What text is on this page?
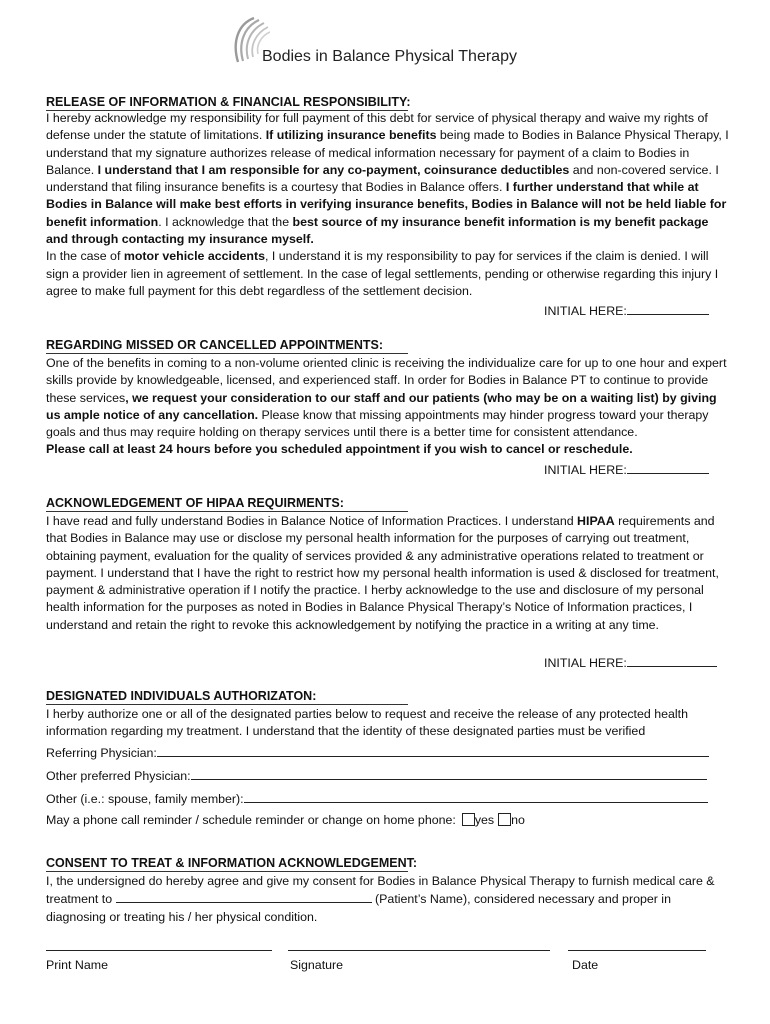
Bodies in Balance Physical Therapy
RELEASE OF INFORMATION & FINANCIAL RESPONSIBILITY:

I hereby acknowledge my responsibility for full payment of this debt for service of physical therapy and waive my rights of defense under the statute of limitations. If utilizing insurance benefits being made to Bodies in Balance Physical Therapy, I understand that my signature authorizes release of medical information necessary for payment of a claim to Bodies in Balance. I understand that I am responsible for any co-payment, coinsurance deductibles and non-covered service. I understand that filing insurance benefits is a courtesy that Bodies in Balance offers. I further understand that while at Bodies in Balance will make best efforts in verifying insurance benefits, Bodies in Balance will not be held liable for benefit information. I acknowledge that the best source of my insurance benefit information is my benefit package and through contacting my insurance myself.
In the case of motor vehicle accidents, I understand it is my responsibility to pay for services if the claim is denied. I will sign a provider lien in agreement of settlement. In the case of legal settlements, pending or otherwise regarding this injury I agree to make full payment for this debt regardless of the settlement decision.

INITIAL HERE:
REGARDING MISSED OR CANCELLED APPOINTMENTS:

One of the benefits in coming to a non-volume oriented clinic is receiving the individualize care for up to one hour and expert skills provide by knowledgeable, licensed, and experienced staff. In order for Bodies in Balance PT to continue to provide these services, we request your consideration to our staff and our patients (who may be on a waiting list) by giving us ample notice of any cancellation. Please know that missing appointments may hinder progress toward your therapy goals and thus may require holding on therapy services until there is a better time for consistent attendance.
Please call at least 24 hours before you scheduled appointment if you wish to cancel or reschedule.

INITIAL HERE:
ACKNOWLEDGEMENT OF HIPAA REQUIRMENTS:

I have read and fully understand Bodies in Balance Notice of Information Practices. I understand HIPAA requirements and that Bodies in Balance may use or disclose my personal health information for the purposes of carrying out treatment, obtaining payment, evaluation for the quality of services provided & any administrative operations related to treatment or payment. I understand that I have the right to restrict how my personal health information is used & disclosed for treatment, payment & administrative operation if I notify the practice. I herby acknowledge to the use and disclosure of my personal health information for the purposes as noted in Bodies in Balance Physical Therapy’s Notice of Information practices, I understand and retain the right to revoke this acknowledgement by notifying the practice in a writing at any time.

INITIAL HERE:
DESIGNATED INDIVIDUALS AUTHORIZATON:

I herby authorize one or all of the designated parties below to request and receive the release of any protected health information regarding my treatment. I understand that the identity of these designated parties must be verified

Referring Physician:
Other preferred Physician:
Other (i.e.: spouse, family member):
May a phone call reminder / schedule reminder or change on home phone: yes no
CONSENT TO TREAT & INFORMATION ACKNOWLEDGEMENT:

I, the undersigned do hereby agree and give my consent for Bodies in Balance Physical Therapy to furnish medical care & treatment to	(Patient’s Name), considered necessary and proper in diagnosing or treating his / her physical condition.

Print Name	Signature	Date
